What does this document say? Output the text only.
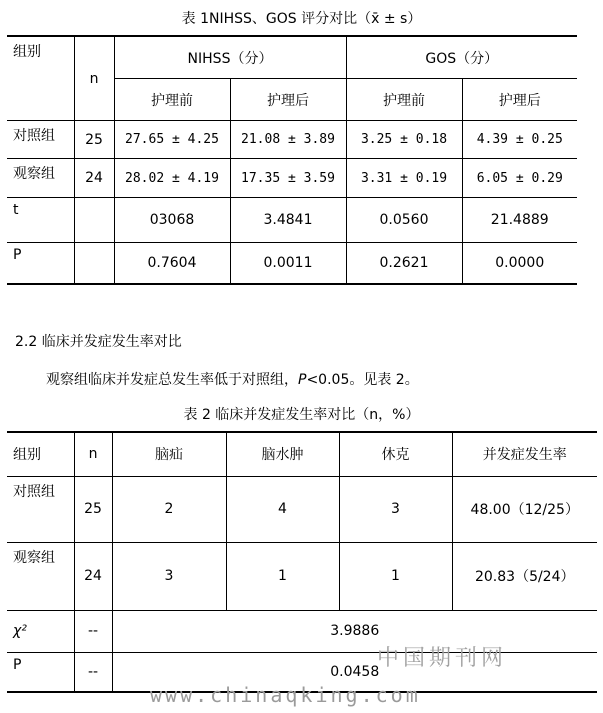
表 1NIHSS、GOS 评分对比（x̄ ± s）
组别	n	NIHSS（分）		GOS（分）	
		护理前	护理后	护理前	护理后
对照组	25	27.65 ± 4.25	21.08 ± 3.89	3.25 ± 0.18	4.39 ± 0.25
观察组	24	28.02 ± 4.19	17.35 ± 3.59	3.31 ± 0.19	6.05 ± 0.29
t		03068	3.4841	0.0560	21.4889
P		0.7604	0.0011	0.2621	0.0000
2.2 临床并发症发生率对比
观察组临床并发症总发生率低于对照组，P<0.05。见表 2。
表 2 临床并发症发生率对比（n，%）
组别	n	脑疝	脑水肿	休克	并发症发生率
对照组	25	2	4	3	48.00（12/25）
观察组	24	3	1	1	20.83（5/24）
χ²	--	3.9886			
P	--	0.0458			
中国期刊网
www.chinaqking.com
